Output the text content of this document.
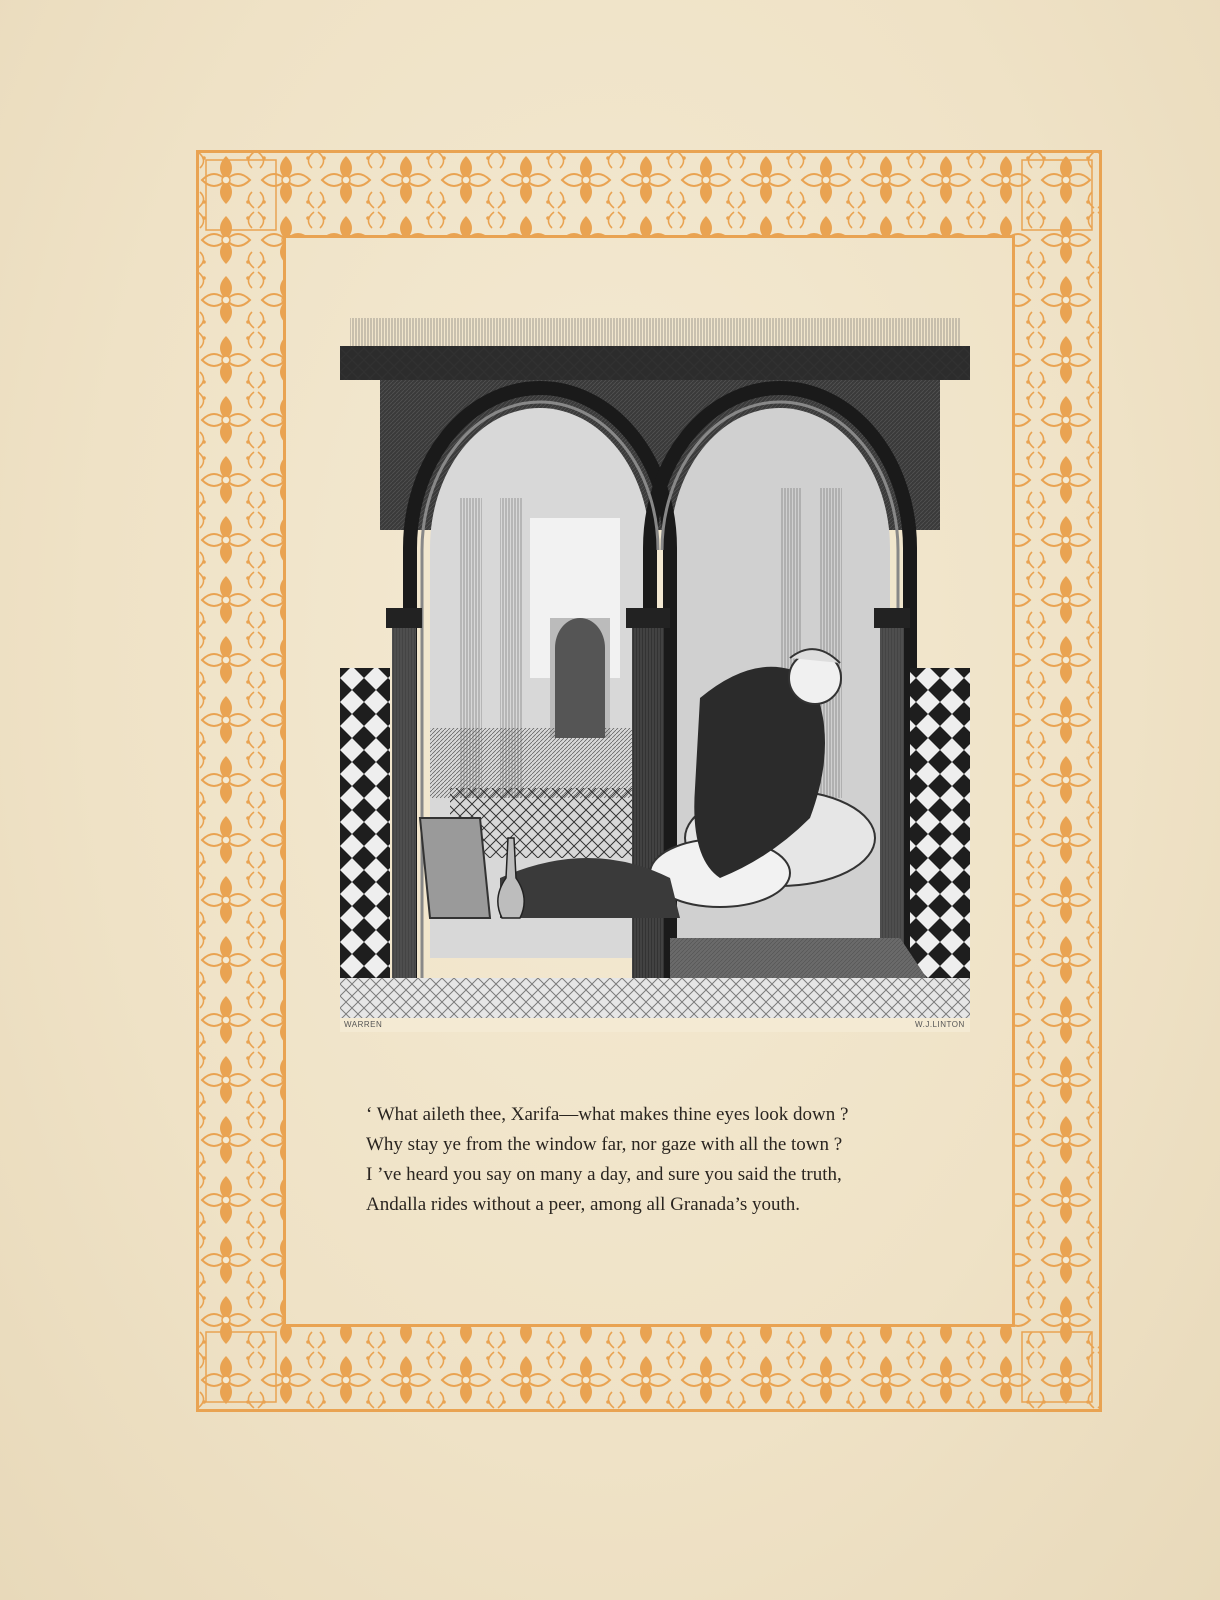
WARREN	W.J.LINTON
‘ What aileth thee, Xarifa—what makes thine eyes look down ?
Why stay ye from the window far, nor gaze with all the town ?
I ’ve heard you say on many a day, and sure you said the truth,
Andalla rides without a peer, among all Granada’s youth.
